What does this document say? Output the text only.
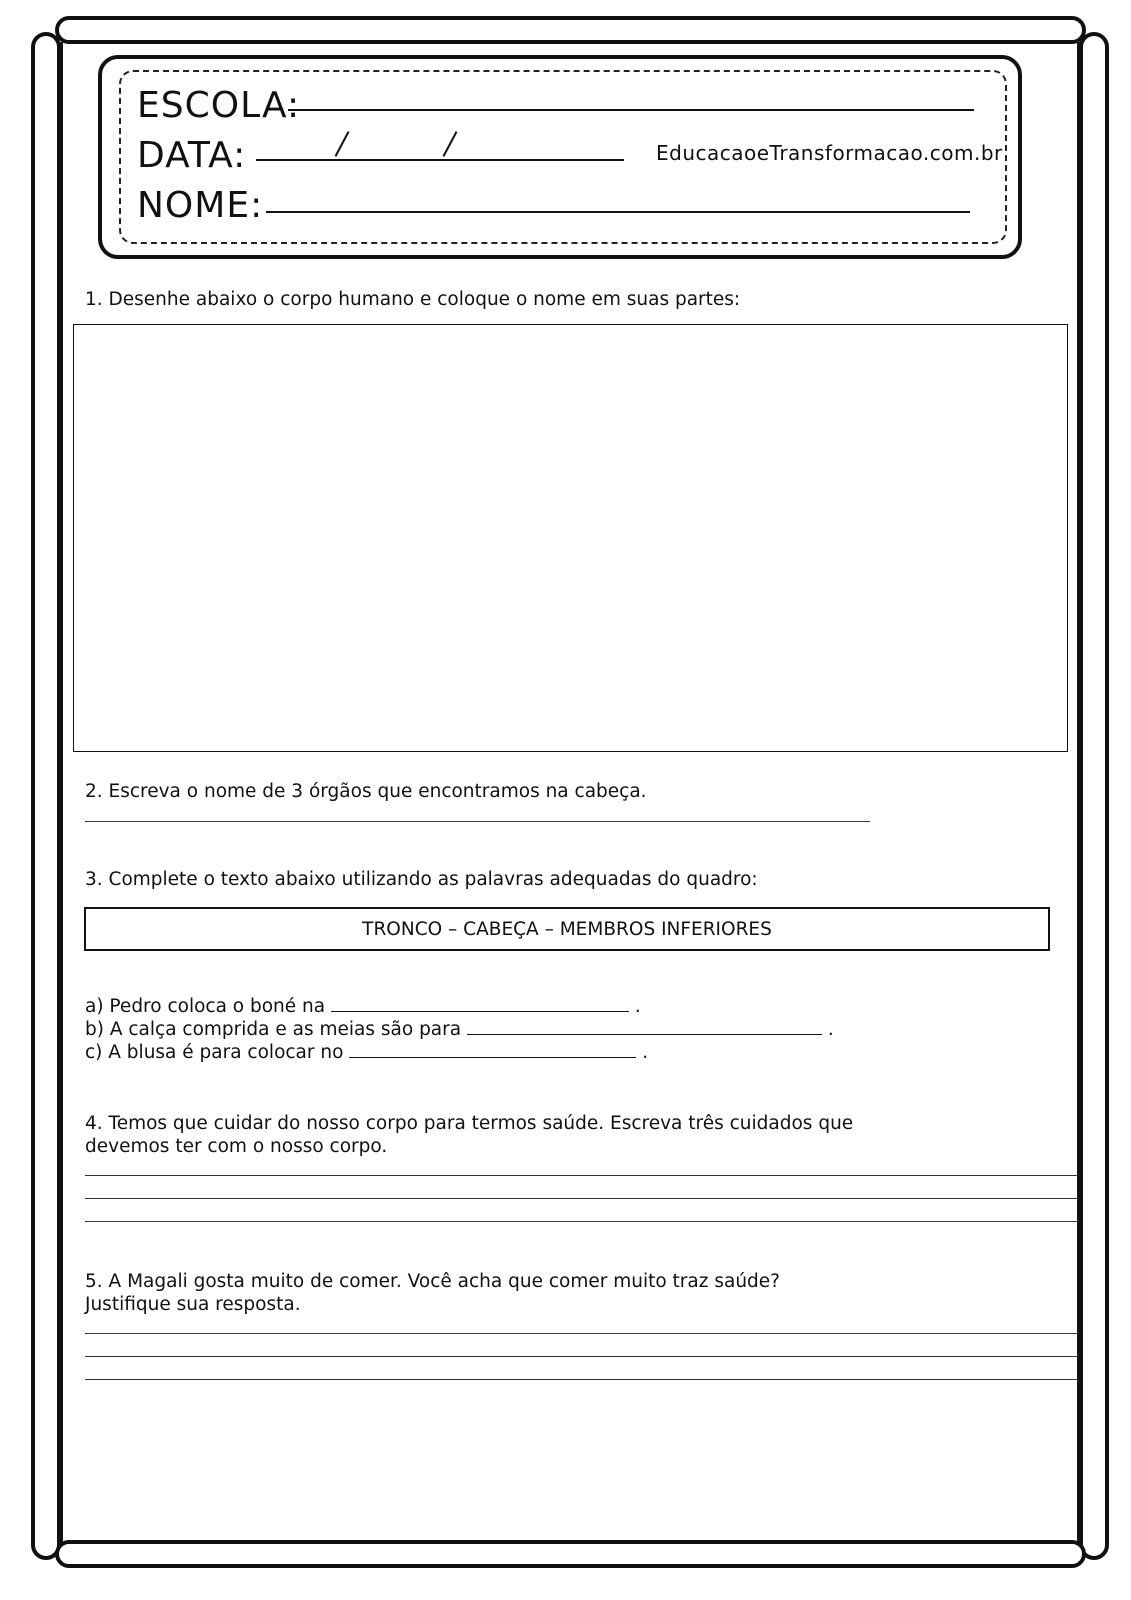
ESCOLA:
DATA:	EducacaoeTransformacao.com.br
NOME:
1. Desenhe abaixo o corpo humano e coloque o nome em suas partes:
2. Escreva o nome de 3 órgãos que encontramos na cabeça.
3. Complete o texto abaixo utilizando as palavras adequadas do quadro:
TRONCO – CABEÇA – MEMBROS INFERIORES
a) Pedro coloca o boné na	.
b) A calça comprida e as meias são para	.
c) A blusa é para colocar no	.
4. Temos que cuidar do nosso corpo para termos saúde. Escreva três cuidados que
devemos ter com o nosso corpo.
5. A Magali gosta muito de comer. Você acha que comer muito traz saúde?
Justifique sua resposta.
